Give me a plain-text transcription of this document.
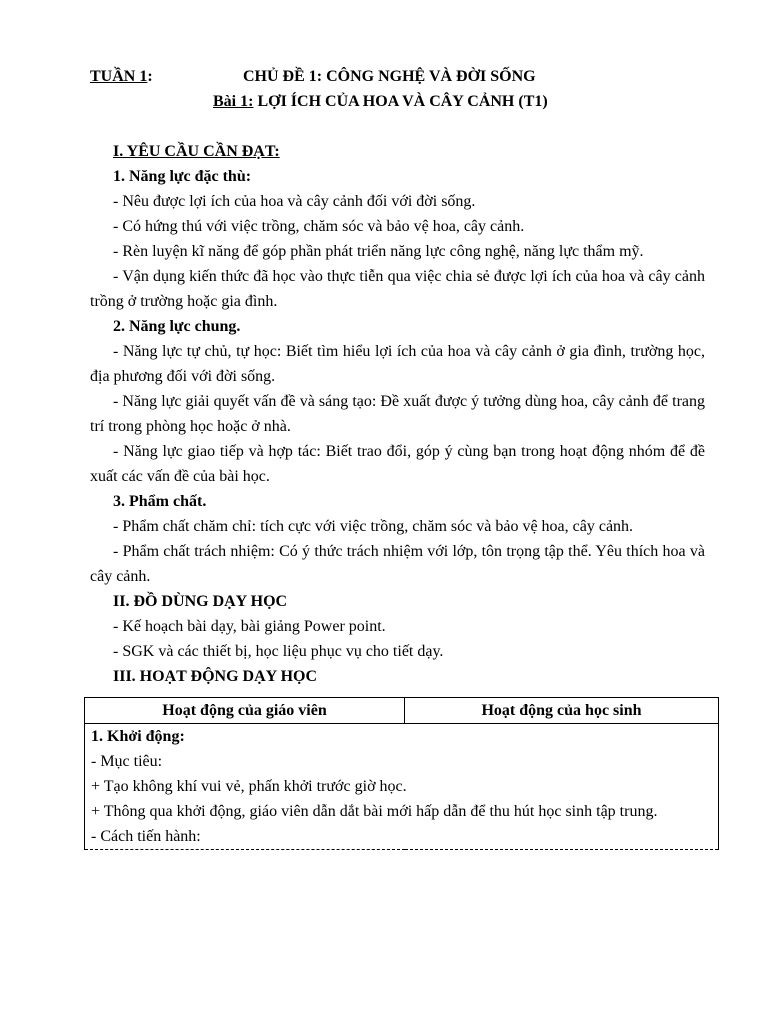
TUẦN 1:	CHỦ ĐỀ 1: CÔNG NGHỆ VÀ ĐỜI SỐNG
Bài 1: LỢI ÍCH CỦA HOA VÀ CÂY CẢNH (T1)
I. YÊU CẦU CẦN ĐẠT:
1. Năng lực đặc thù:
- Nêu được lợi ích của hoa và cây cảnh đối với đời sống.
- Có hứng thú với việc trồng, chăm sóc và bảo vệ hoa, cây cảnh.
- Rèn luyện kĩ năng để góp phần phát triển năng lực công nghệ, năng lực thẩm mỹ.
- Vận dụng kiến thức đã học vào thực tiễn qua việc chia sẻ được lợi ích của hoa và cây cảnh trồng ở trường hoặc gia đình.
2. Năng lực chung.
- Năng lực tự chủ, tự học: Biết tìm hiểu lợi ích của hoa và cây cảnh ở gia đình, trường học, địa phương đối với đời sống.
- Năng lực giải quyết vấn đề và sáng tạo: Đề xuất được ý tưởng dùng hoa, cây cảnh để trang trí trong phòng học hoặc ở nhà.
- Năng lực giao tiếp và hợp tác: Biết trao đổi, góp ý cùng bạn trong hoạt động nhóm để đề xuất các vấn đề của bài học.
3. Phẩm chất.
- Phẩm chất chăm chỉ: tích cực với việc trồng, chăm sóc và bảo vệ hoa, cây cảnh.
- Phẩm chất trách nhiệm: Có ý thức trách nhiệm với lớp, tôn trọng tập thể. Yêu thích hoa và cây cảnh.
II. ĐỒ DÙNG DẠY HỌC
- Kế hoạch bài dạy, bài giảng Power point.
- SGK và các thiết bị, học liệu phục vụ cho tiết dạy.
III. HOẠT ĐỘNG DẠY HỌC
Hoạt động của giáo viên	Hoạt động của học sinh

1. Khởi động:
- Mục tiêu:
+ Tạo không khí vui vẻ, phấn khởi trước giờ học.
+ Thông qua khởi động, giáo viên dẫn dắt bài mới hấp dẫn để thu hút học sinh tập trung.
- Cách tiến hành:
